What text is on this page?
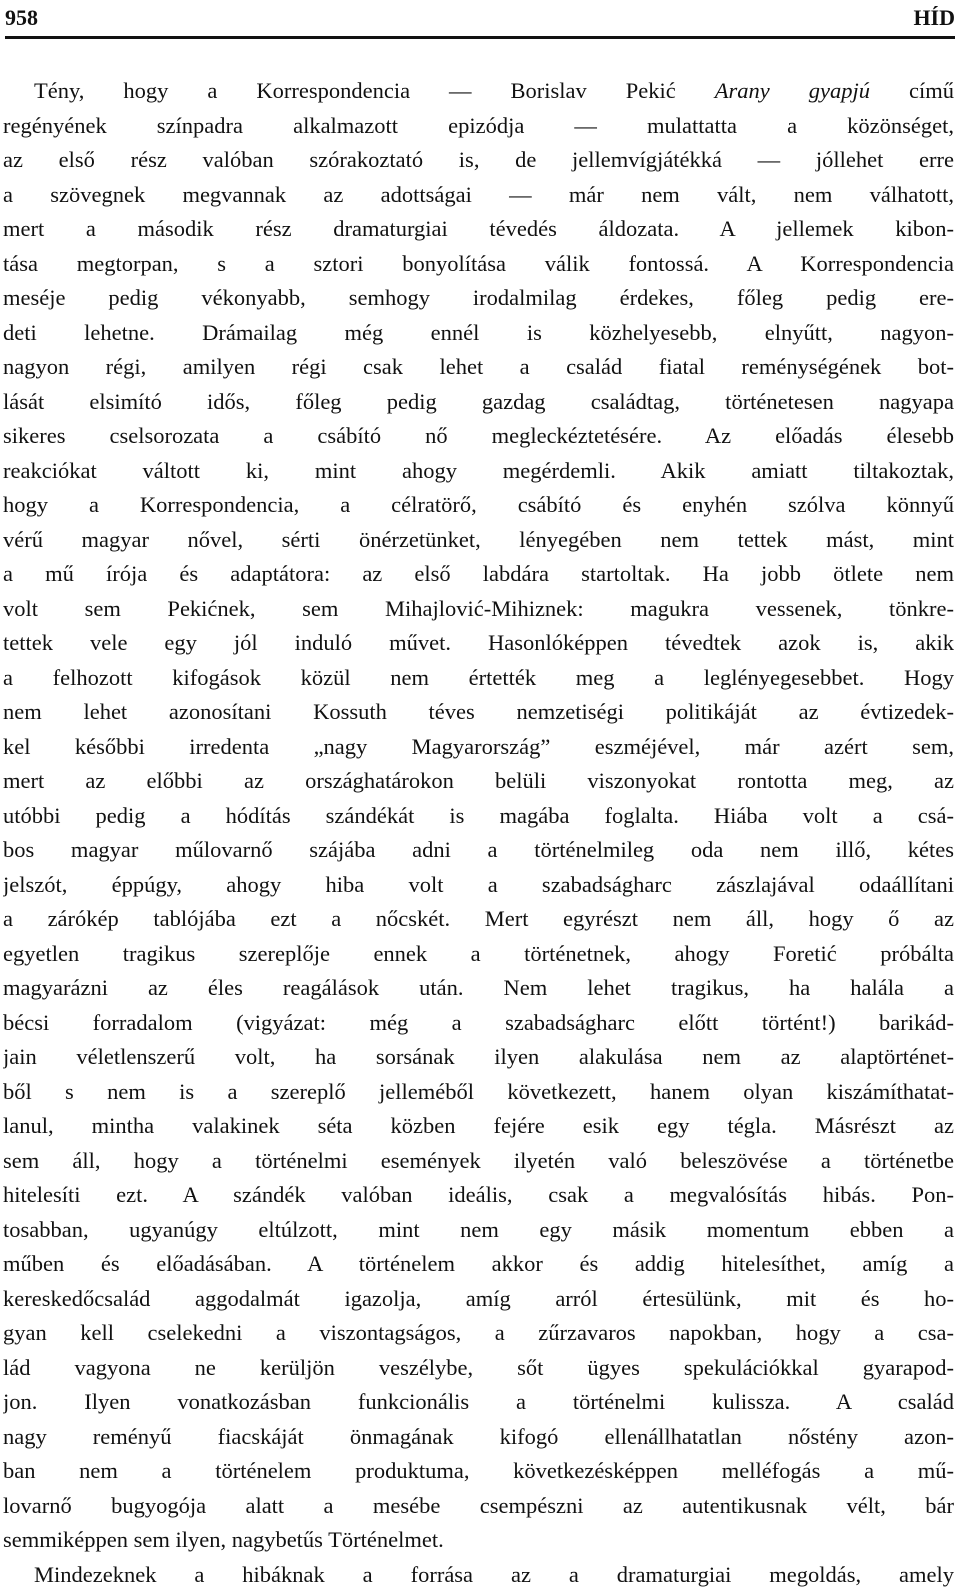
958	HÍD
Tény, hogy a Korrespondencia — Borislav Pekić Arany gyapjú című
regényének színpadra alkalmazott epizódja — mulattatta a közönséget,
az első rész valóban szórakoztató is, de jellemvígjátékká — jóllehet erre
a szövegnek megvannak az adottságai — már nem vált, nem válhatott,
mert a második rész dramaturgiai tévedés áldozata. A jellemek kibon-
tása megtorpan, s a sztori bonyolítása válik fontossá. A Korrespondencia
meséje pedig vékonyabb, semhogy irodalmilag érdekes, főleg pedig ere-
deti lehetne. Drámailag még ennél is közhelyesebb, elnyűtt, nagyon-
nagyon régi, amilyen régi csak lehet a család fiatal reménységének bot-
lását elsimító idős, főleg pedig gazdag családtag, történetesen nagyapa
sikeres cselsorozata a csábító nő megleckéztetésére. Az előadás élesebb
reakciókat váltott ki, mint ahogy megérdemli. Akik amiatt tiltakoztak,
hogy a Korrespondencia, a célratörő, csábító és enyhén szólva könnyű
vérű magyar nővel, sérti önérzetünket, lényegében nem tettek mást, mint
a mű írója és adaptátora: az első labdára startoltak. Ha jobb ötlete nem
volt sem Pekićnek, sem Mihajlović-Mihiznek: magukra vessenek, tönkre-
tettek vele egy jól induló művet. Hasonlóképpen tévedtek azok is, akik
a felhozott kifogások közül nem értették meg a leglényegesebbet. Hogy
nem lehet azonosítani Kossuth téves nemzetiségi politikáját az évtizedek-
kel későbbi irredenta „nagy Magyarország” eszméjével, már azért sem,
mert az előbbi az országhatárokon belüli viszonyokat rontotta meg, az
utóbbi pedig a hódítás szándékát is magába foglalta. Hiába volt a csá-
bos magyar műlovarnő szájába adni a történelmileg oda nem illő, kétes
jelszót, éppúgy, ahogy hiba volt a szabadságharc zászlajával odaállítani
a zárókép tablójába ezt a nőcskét. Mert egyrészt nem áll, hogy ő az
egyetlen tragikus szereplője ennek a történetnek, ahogy Foretić próbálta
magyarázni az éles reagálások után. Nem lehet tragikus, ha halála a
bécsi forradalom (vigyázat: még a szabadságharc előtt történt!) barikád-
jain véletlenszerű volt, ha sorsának ilyen alakulása nem az alaptörténet-
ből s nem is a szereplő jelleméből következett, hanem olyan kiszámíthatat-
lanul, mintha valakinek séta közben fejére esik egy tégla. Másrészt az
sem áll, hogy a történelmi események ilyetén való beleszövése a történetbe
hitelesíti ezt. A szándék valóban ideális, csak a megvalósítás hibás. Pon-
tosabban, ugyanúgy eltúlzott, mint nem egy másik momentum ebben a
műben és előadásában. A történelem akkor és addig hitelesíthet, amíg a
kereskedőcsalád aggodalmát igazolja, amíg arról értesülünk, mit és ho-
gyan kell cselekedni a viszontagságos, a zűrzavaros napokban, hogy a csa-
lád vagyona ne kerüljön veszélybe, sőt ügyes spekulációkkal gyarapod-
jon. Ilyen vonatkozásban funkcionális a történelmi kulissza. A család
nagy reményű fiacskáját önmagának kifogó ellenállhatatlan nőstény azon-
ban nem a történelem produktuma, következésképpen melléfogás a mű-
lovarnő bugyogója alatt a mesébe csempészni az autentikusnak vélt, bár
semmiképpen sem ilyen, nagybetűs Történelmet.
Mindezeknek a hibáknak a forrása az a dramaturgiai megoldás, amely
